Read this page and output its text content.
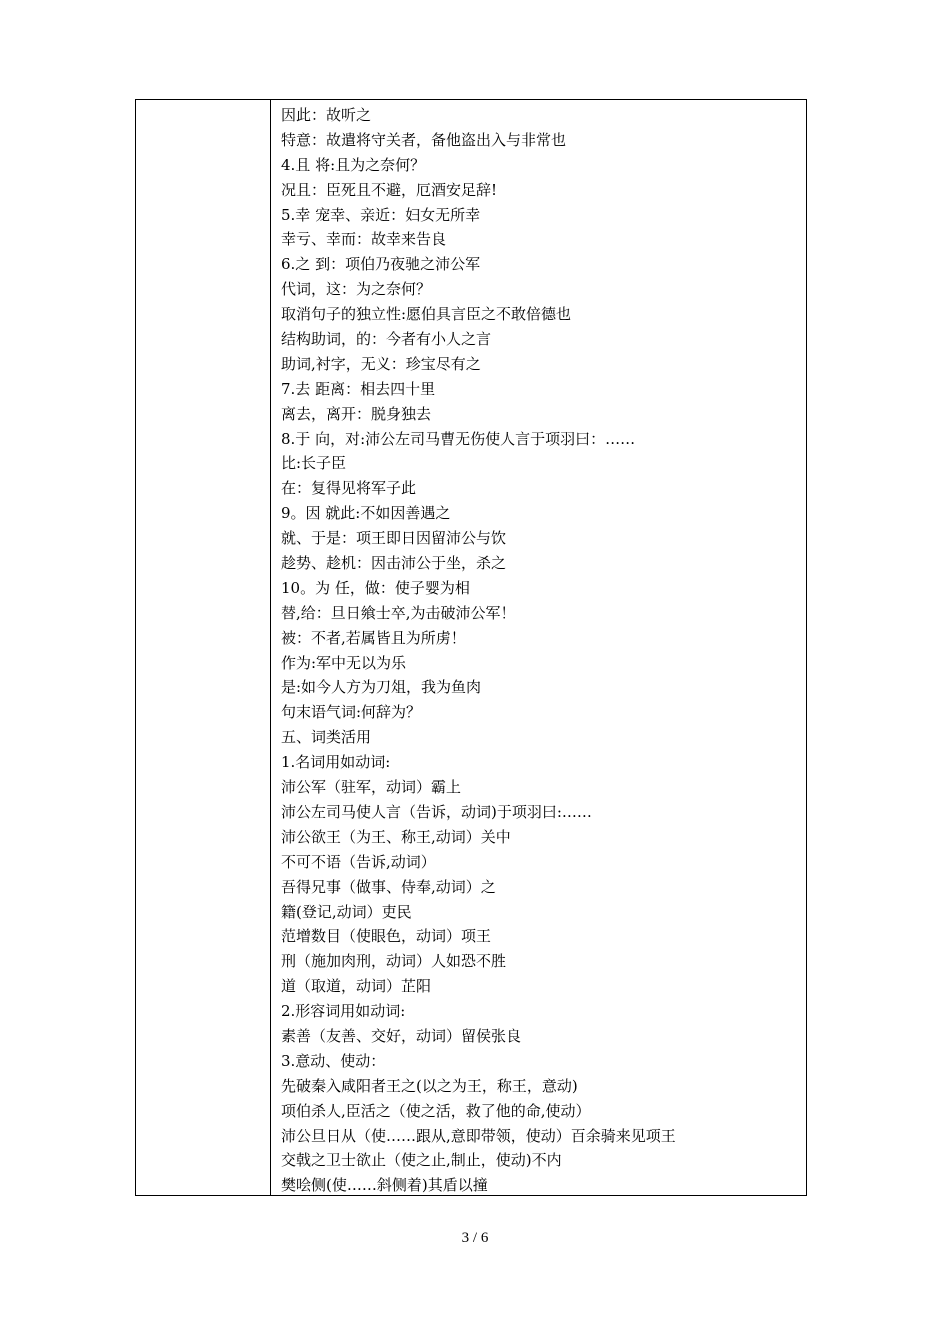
因此：故听之
特意：故遣将守关者，备他盗出入与非常也
4.且 将:且为之奈何？
况且：臣死且不避，厄酒安足辞!
5.幸 宠幸、亲近：妇女无所幸
幸亏、幸而：故幸来告良
6.之 到：项伯乃夜驰之沛公军
代词，这：为之奈何？
取消句子的独立性:愿伯具言臣之不敢倍德也
结构助词，的：今者有小人之言
助词,衬字，无义：珍宝尽有之
7.去 距离：相去四十里
离去，离开：脱身独去
8.于 向，对:沛公左司马曹无伤使人言于项羽曰：……
比:长子臣
在：复得见将军子此
9。因 就此:不如因善遇之
就、于是：项王即日因留沛公与饮
趁势、趁机：因击沛公于坐，杀之
10。为 任，做：使子婴为相
替,给：旦日飨士卒,为击破沛公军！
被：不者,若属皆且为所虏！
作为:军中无以为乐
是:如今人方为刀俎，我为鱼肉
句末语气词:何辞为？
五、词类活用
1.名词用如动词:
沛公军（驻军，动词）霸上
沛公左司马使人言（告诉，动词)于项羽曰:……
沛公欲王（为王、称王,动词）关中
不可不语（告诉,动词）
吾得兄事（做事、侍奉,动词）之
籍(登记,动词）吏民
范增数目（使眼色，动词）项王
刑（施加肉刑，动词）人如恐不胜
道（取道，动词）芷阳
2.形容词用如动词:
素善（友善、交好，动词）留侯张良
3.意动、使动：
先破秦入咸阳者王之(以之为王，称王，意动)
项伯杀人,臣活之（使之活，救了他的命,使动）
沛公旦日从（使……跟从,意即带领，使动）百余骑来见项王
交戟之卫士欲止（使之止,制止，使动)不内
樊哙侧(使……斜侧着)其盾以撞
3 / 6
